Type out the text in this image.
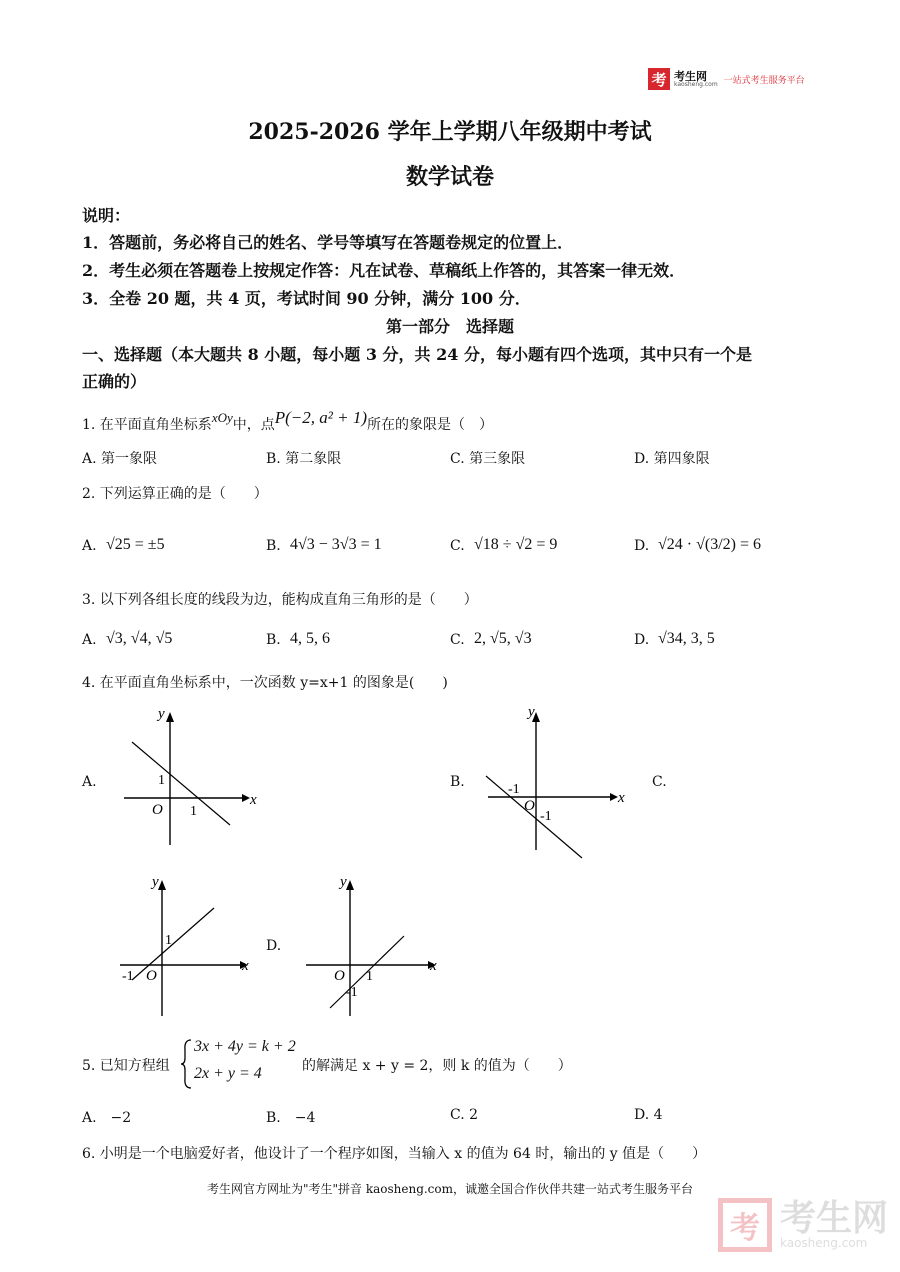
考 考生网
kaosheng.com 一站式考生服务平台
2025-2026 学年上学期八年级期中考试
数学试卷
说明：
1．答题前，务必将自己的姓名、学号等填写在答题卷规定的位置上．
2．考生必须在答题卷上按规定作答：凡在试卷、草稿纸上作答的，其答案一律无效．
3．全卷 20 题，共 4 页，考试时间 90 分钟，满分 100 分．
第一部分　选择题
一、选择题（本大题共 8 小题，每小题 3 分，共 24 分，每小题有四个选项，其中只有一个是
正确的）
1. 在平面直角坐标系 xOy 中，点 P(−2, a² + 1) 所在的象限是（　）
A. 第一象限	B. 第二象限	C. 第三象限	D. 第四象限
2. 下列运算正确的是（　　）
A. √25 = ±5	B. 4√3 − 3√3 = 1	C. √18 ÷ √2 = 9	D. √24 · √(3/2) = 6
3. 以下列各组长度的线段为边，能构成直角三角形的是（　　）
A. √3, √4, √5	B. 4, 5, 6	C. 2, √5, √3	D. √34, 3, 5
4. 在平面直角坐标系中，一次函数 y=x+1 的图象是(　　)
A.
x
y
O
1
1
B.
x
y
O
-1
-1
C.
x
y
O
-1
1	D.
x
y
O 1
-1
5. 已知方程组
3x + 4y = k + 2
2x + y = 4	的解满足 x + y = 2，则 k 的值为（　　）
A.　−2	B.　−4	C. 2	D. 4
6. 小明是一个电脑爱好者，他设计了一个程序如图，当输入 x 的值为 64 时，输出的 y 值是（　　）
考生网官方网址为"考生"拼音 kaosheng.com，诚邀全国合作伙伴共建一站式考生服务平台
考 考生网
kaosheng.com
